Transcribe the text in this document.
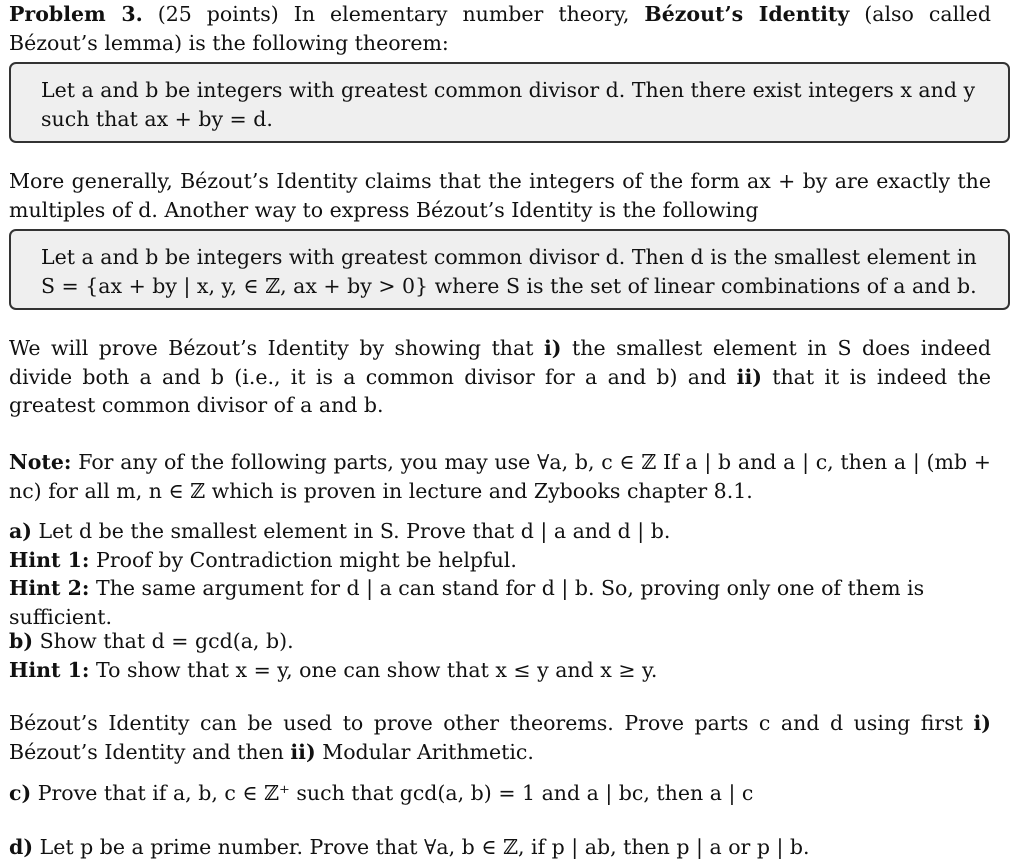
Problem 3. (25 points) In elementary number theory, Bézout’s Identity (also called Bézout’s lemma) is the following theorem:
Let a and b be integers with greatest common divisor d. Then there exist integers x and y
such that ax + by = d.
More generally, Bézout’s Identity claims that the integers of the form ax + by are exactly the multiples of d. Another way to express Bézout’s Identity is the following
Let a and b be integers with greatest common divisor d. Then d is the smallest element in
S = {ax + by | x, y, ∈ ℤ, ax + by > 0} where S is the set of linear combinations of a and b.
We will prove Bézout’s Identity by showing that i) the smallest element in S does indeed divide both a and b (i.e., it is a common divisor for a and b) and ii) that it is indeed the greatest common divisor of a and b.
Note: For any of the following parts, you may use ∀a, b, c ∈ ℤ If a | b and a | c, then a | (mb + nc) for all m, n ∈ ℤ which is proven in lecture and Zybooks chapter 8.1.
a) Let d be the smallest element in S. Prove that d | a and d | b.
Hint 1: Proof by Contradiction might be helpful.
Hint 2: The same argument for d | a can stand for d | b. So, proving only one of them is sufficient.
b) Show that d = gcd(a, b).
Hint 1: To show that x = y, one can show that x ≤ y and x ≥ y.
Bézout’s Identity can be used to prove other theorems. Prove parts c and d using first i) Bézout’s Identity and then ii) Modular Arithmetic.
c) Prove that if a, b, c ∈ ℤ⁺ such that gcd(a, b) = 1 and a | bc, then a | c
d) Let p be a prime number. Prove that ∀a, b ∈ ℤ, if p | ab, then p | a or p | b.
